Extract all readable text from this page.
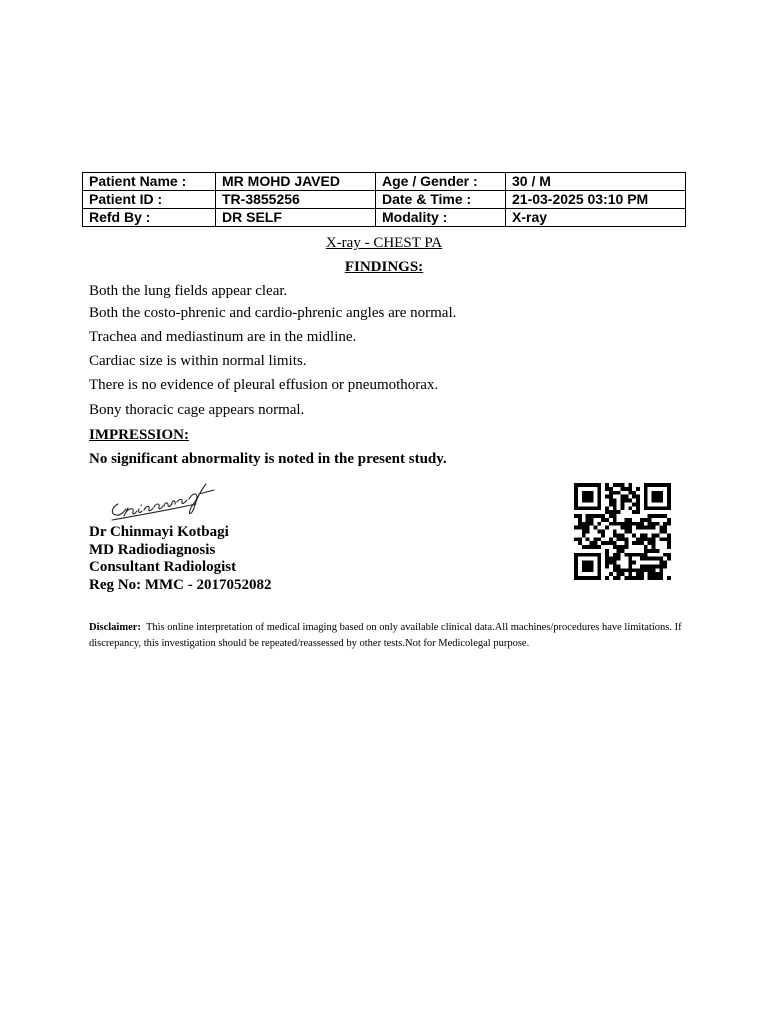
Patient Name :	MR MOHD JAVED	Age / Gender :	30 / M
Patient ID :	TR-3855256	Date & Time :	21-03-2025 03:10 PM
Refd By :	DR SELF	Modality :	X-ray
X-ray - CHEST PA
FINDINGS:
Both the lung fields appear clear.
Both the costo-phrenic and cardio-phrenic angles are normal.
Trachea and mediastinum are in the midline.
Cardiac size is within normal limits.
There is no evidence of pleural effusion or pneumothorax.
Bony thoracic cage appears normal.
IMPRESSION:
No significant abnormality is noted in the present study.
Dr Chinmayi Kotbagi
MD Radiodiagnosis
Consultant Radiologist
Reg No: MMC - 2017052082
Disclaimer: This online interpretation of medical imaging based on only available clinical data.All machines/procedures have limitations. If discrepancy, this investigation should be repeated/reassessed by other tests.Not for Medicolegal purpose.
